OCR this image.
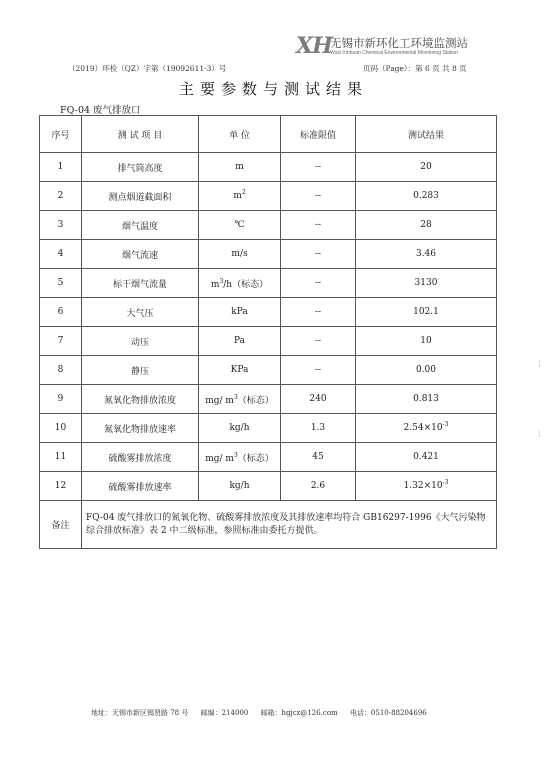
XH
无锡市新环化工环境监测站
Wuxi Xinhuan Chemical Environmental Monitoring Station
（2019）环检（QZ）字第（19092611-3）号	页码（Page）：第 6 页 共 8 页
主要参数与测试结果
FQ-04 废气排放口
序号	测 试 项 目	单 位	标准限值	测试结果
1	排气筒高度	m	--	20
2	测点烟道截面积	$m^2$	--	0.283
3	烟气温度	℃	--	28
4	烟气流速	m/s	--	3.46
5	标干烟气流量	$m^3/h$（标态）	--	3130
6	大气压	kPa	--	102.1
7	动压	Pa	--	10
8	静压	KPa	--	0.00
9	氮氧化物排放浓度	mg/ $m^3$（标态）	240	0.813
10	氮氧化物排放速率	kg/h	1.3	$2.54\times 10^{-3}$
11	硫酸雾排放浓度	mg/ $m^3$（标态）	45	0.421
12	硫酸雾排放速率	kg/h	2.6	$1.32\times 10^{-3}$
备注	FQ-04 废气排放口的氮氧化物、硫酸雾排放浓度及其排放速率均符合 GB16297-1996《大气污染物综合排放标准》表 2 中二级标准，参照标准由委托方提供。			
地址：无锡市新区锡贤路 78 号 邮编：214000 邮箱：hgjcz@126.com 电话：0510-88204696
╎
╎
